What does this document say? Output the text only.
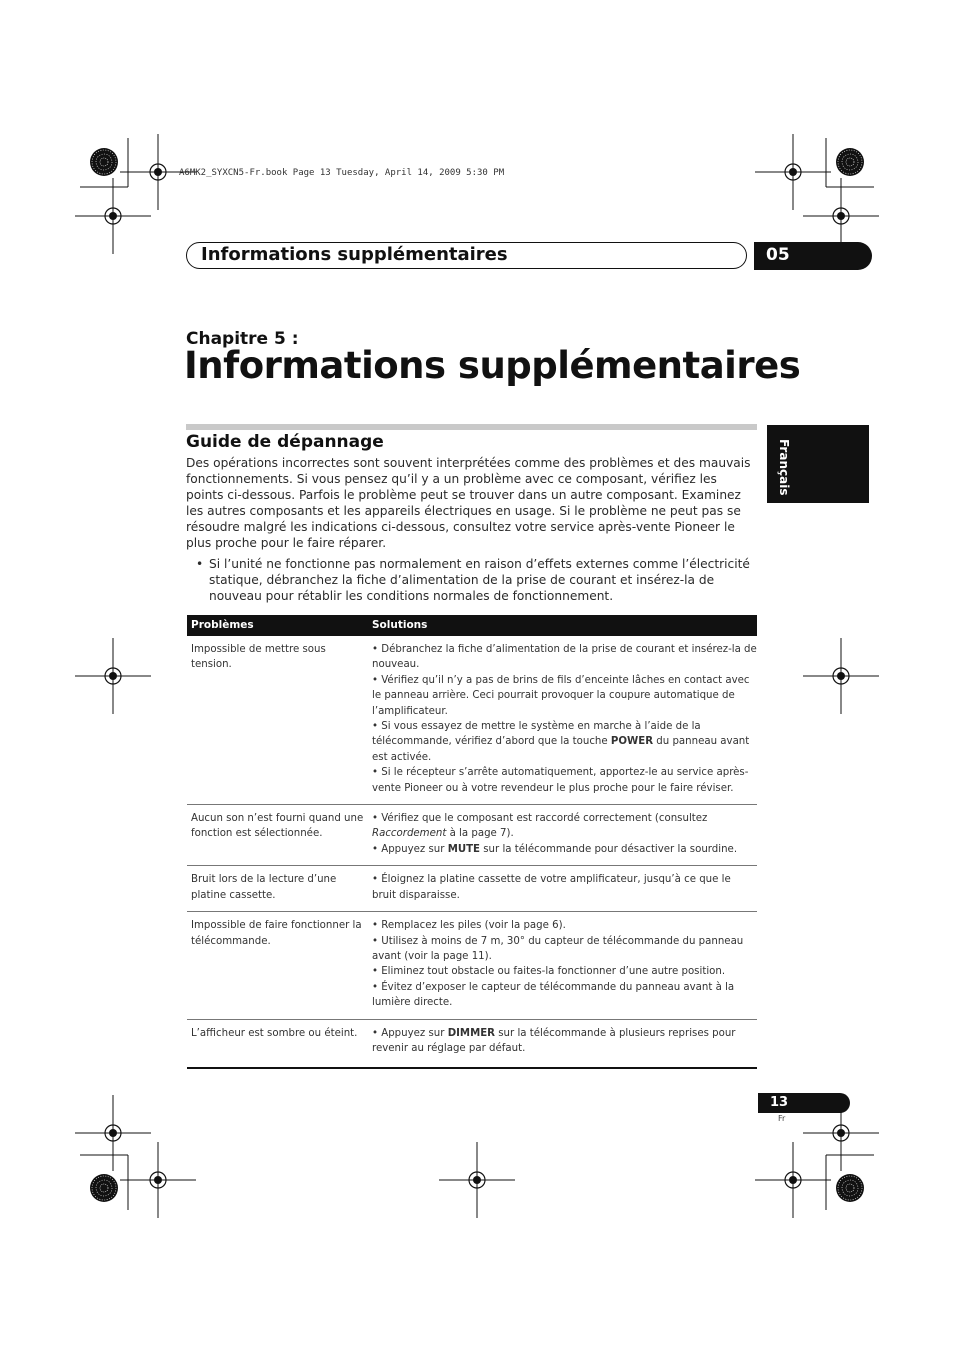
A6MK2_SYXCN5-Fr.book Page 13 Tuesday, April 14, 2009 5:30 PM
Informations supplémentaires	05
Chapitre 5 :
Informations supplémentaires
Guide de dépannage

Des opérations incorrectes sont souvent interprétées comme des problèmes et des mauvais fonctionnements. Si vous pensez qu’il y a un problème avec ce composant, vérifiez les points ci-dessous. Parfois le problème peut se trouver dans un autre composant. Examinez les autres composants et les appareils électriques en usage. Si le problème ne peut pas se résoudre malgré les indications ci-dessous, consultez votre service après-vente Pioneer le plus proche pour le faire réparer.

• Si l’unité ne fonctionne pas normalement en raison d’effets externes comme l’électricité statique, débranchez la fiche d’alimentation de la prise de courant et insérez-la de nouveau pour rétablir les conditions normales de fonctionnement.
Français
Problèmes	Solutions
Impossible de mettre sous tension.	• Débranchez la fiche d’alimentation de la prise de courant et insérez-la de nouveau.

• Vérifiez qu’il n’y a pas de brins de fils d’enceinte lâches en contact avec le panneau arrière. Ceci pourrait provoquer la coupure automatique de l’amplificateur.

• Si vous essayez de mettre le système en marche à l’aide de la télécommande, vérifiez d’abord que la touche POWER du panneau avant est activée.

• Si le récepteur s’arrête automatiquement, apportez-le au service après-vente Pioneer ou à votre revendeur le plus proche pour le faire réviser.

Aucun son n’est fourni quand une fonction est sélectionnée.	• Vérifiez que le composant est raccordé correctement (consultez Raccordement à la page 7).

• Appuyez sur MUTE sur la télécommande pour désactiver la sourdine.

Bruit lors de la lecture d’une platine cassette.	• Éloignez la platine cassette de votre amplificateur, jusqu’à ce que le bruit disparaisse.

Impossible de faire fonctionner la télécommande.	• Remplacez les piles (voir la page 6).

• Utilisez à moins de 7 m, 30° du capteur de télécommande du panneau avant (voir la page 11).

• Eliminez tout obstacle ou faites-la fonctionner d’une autre position.

• Évitez d’exposer le capteur de télécommande du panneau avant à la lumière directe.

L’afficheur est sombre ou éteint.	• Appuyez sur DIMMER sur la télécommande à plusieurs reprises pour revenir au réglage par défaut.

13
Fr
